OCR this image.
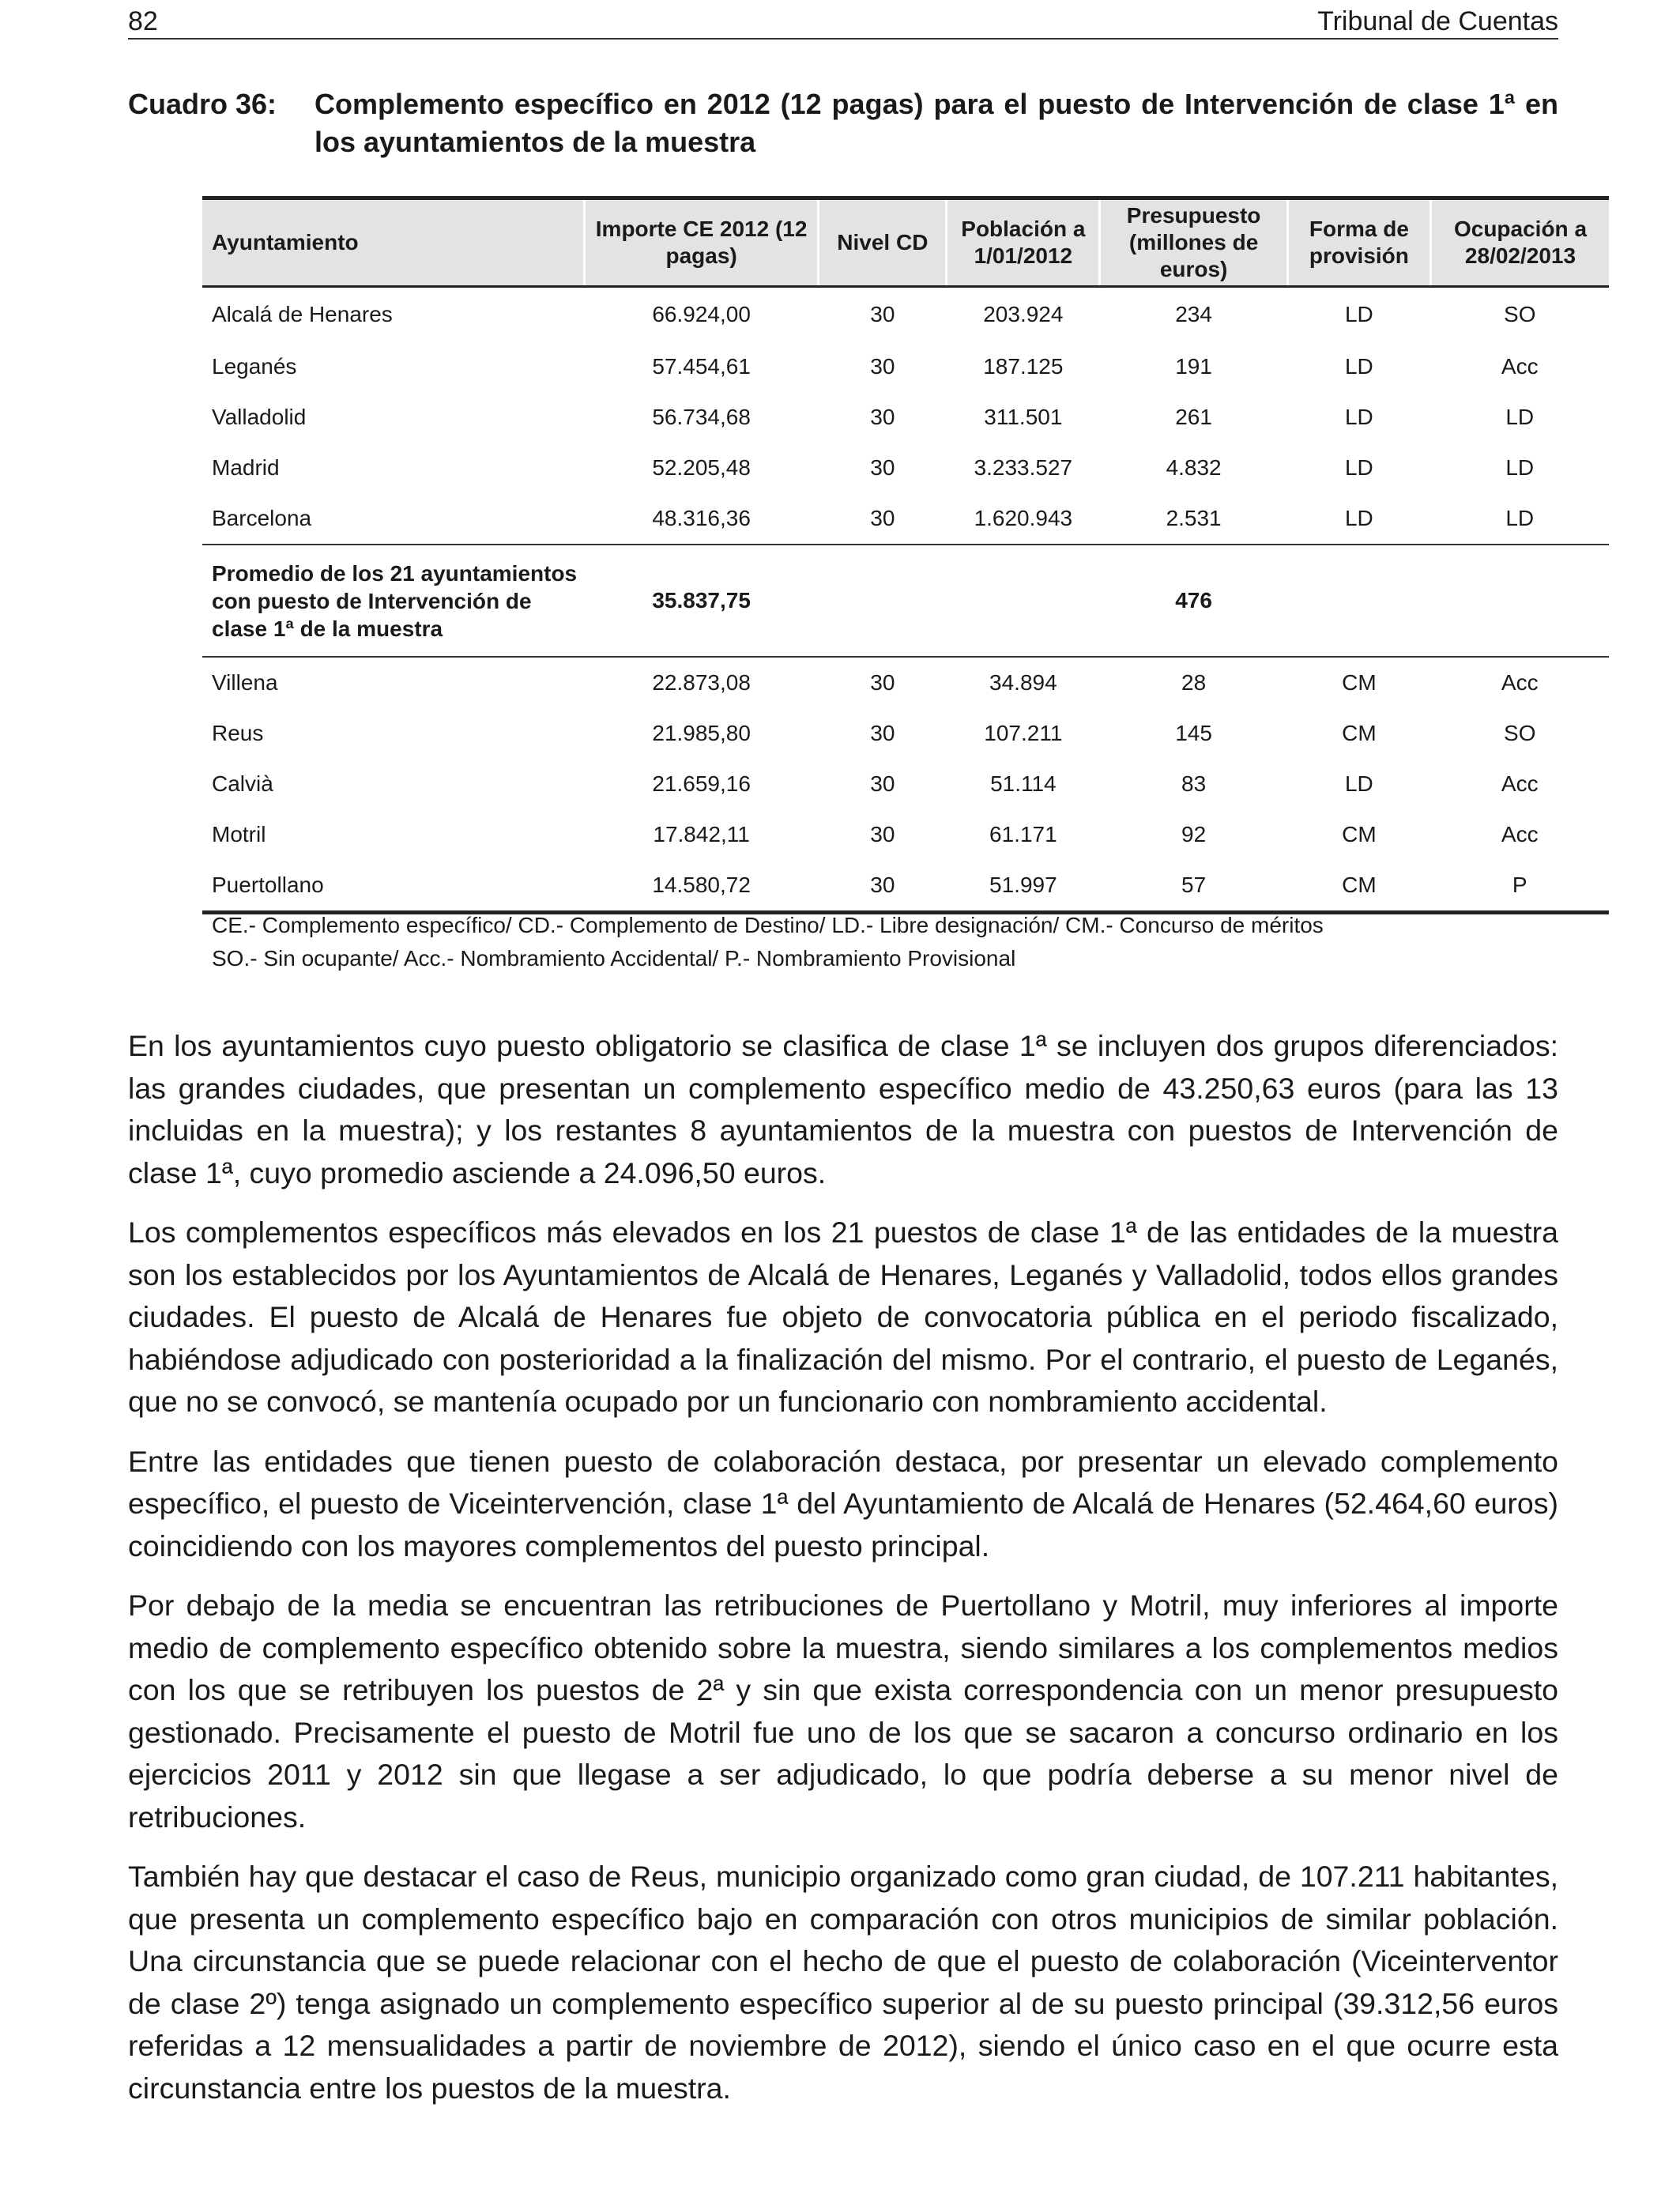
82	Tribunal de Cuentas
Cuadro 36: Complemento específico en 2012 (12 pagas) para el puesto de Intervención de clase 1ª en los ayuntamientos de la muestra
Ayuntamiento	Importe CE 2012 (12 pagas)	Nivel CD	Población a 1/01/2012	Presupuesto (millones de euros)	Forma de provisión	Ocupación a 28/02/2013
Alcalá de Henares	66.924,00	30	203.924	234	LD	SO
Leganés	57.454,61	30	187.125	191	LD	Acc
Valladolid	56.734,68	30	311.501	261	LD	LD
Madrid	52.205,48	30	3.233.527	4.832	LD	LD
Barcelona	48.316,36	30	1.620.943	2.531	LD	LD
Promedio de los 21 ayuntamientos con puesto de Intervención de clase 1ª de la muestra	35.837,75			476		
Villena	22.873,08	30	34.894	28	CM	Acc
Reus	21.985,80	30	107.211	145	CM	SO
Calvià	21.659,16	30	51.114	83	LD	Acc
Motril	17.842,11	30	61.171	92	CM	Acc
Puertollano	14.580,72	30	51.997	57	CM	P
CE.- Complemento específico/ CD.- Complemento de Destino/ LD.- Libre designación/ CM.- Concurso de méritos
SO.- Sin ocupante/ Acc.- Nombramiento Accidental/ P.- Nombramiento Provisional

En los ayuntamientos cuyo puesto obligatorio se clasifica de clase 1ª se incluyen dos grupos diferenciados: las grandes ciudades, que presentan un complemento específico medio de 43.250,63 euros (para las 13 incluidas en la muestra); y los restantes 8 ayuntamientos de la muestra con puestos de Intervención de clase 1ª, cuyo promedio asciende a 24.096,50 euros.

Los complementos específicos más elevados en los 21 puestos de clase 1ª de las entidades de la muestra son los establecidos por los Ayuntamientos de Alcalá de Henares, Leganés y Valladolid, todos ellos grandes ciudades. El puesto de Alcalá de Henares fue objeto de convocatoria pública en el periodo fiscalizado, habiéndose adjudicado con posterioridad a la finalización del mismo. Por el contrario, el puesto de Leganés, que no se convocó, se mantenía ocupado por un funcionario con nombramiento accidental.

Entre las entidades que tienen puesto de colaboración destaca, por presentar un elevado complemento específico, el puesto de Viceintervención, clase 1ª del Ayuntamiento de Alcalá de Henares (52.464,60 euros) coincidiendo con los mayores complementos del puesto principal.

Por debajo de la media se encuentran las retribuciones de Puertollano y Motril, muy inferiores al importe medio de complemento específico obtenido sobre la muestra, siendo similares a los complementos medios con los que se retribuyen los puestos de 2ª y sin que exista correspondencia con un menor presupuesto gestionado. Precisamente el puesto de Motril fue uno de los que se sacaron a concurso ordinario en los ejercicios 2011 y 2012 sin que llegase a ser adjudicado, lo que podría deberse a su menor nivel de retribuciones.

También hay que destacar el caso de Reus, municipio organizado como gran ciudad, de 107.211 habitantes, que presenta un complemento específico bajo en comparación con otros municipios de similar población. Una circunstancia que se puede relacionar con el hecho de que el puesto de colaboración (Viceinterventor de clase 2º) tenga asignado un complemento específico superior al de su puesto principal (39.312,56 euros referidas a 12 mensualidades a partir de noviembre de 2012), siendo el único caso en el que ocurre esta circunstancia entre los puestos de la muestra.
